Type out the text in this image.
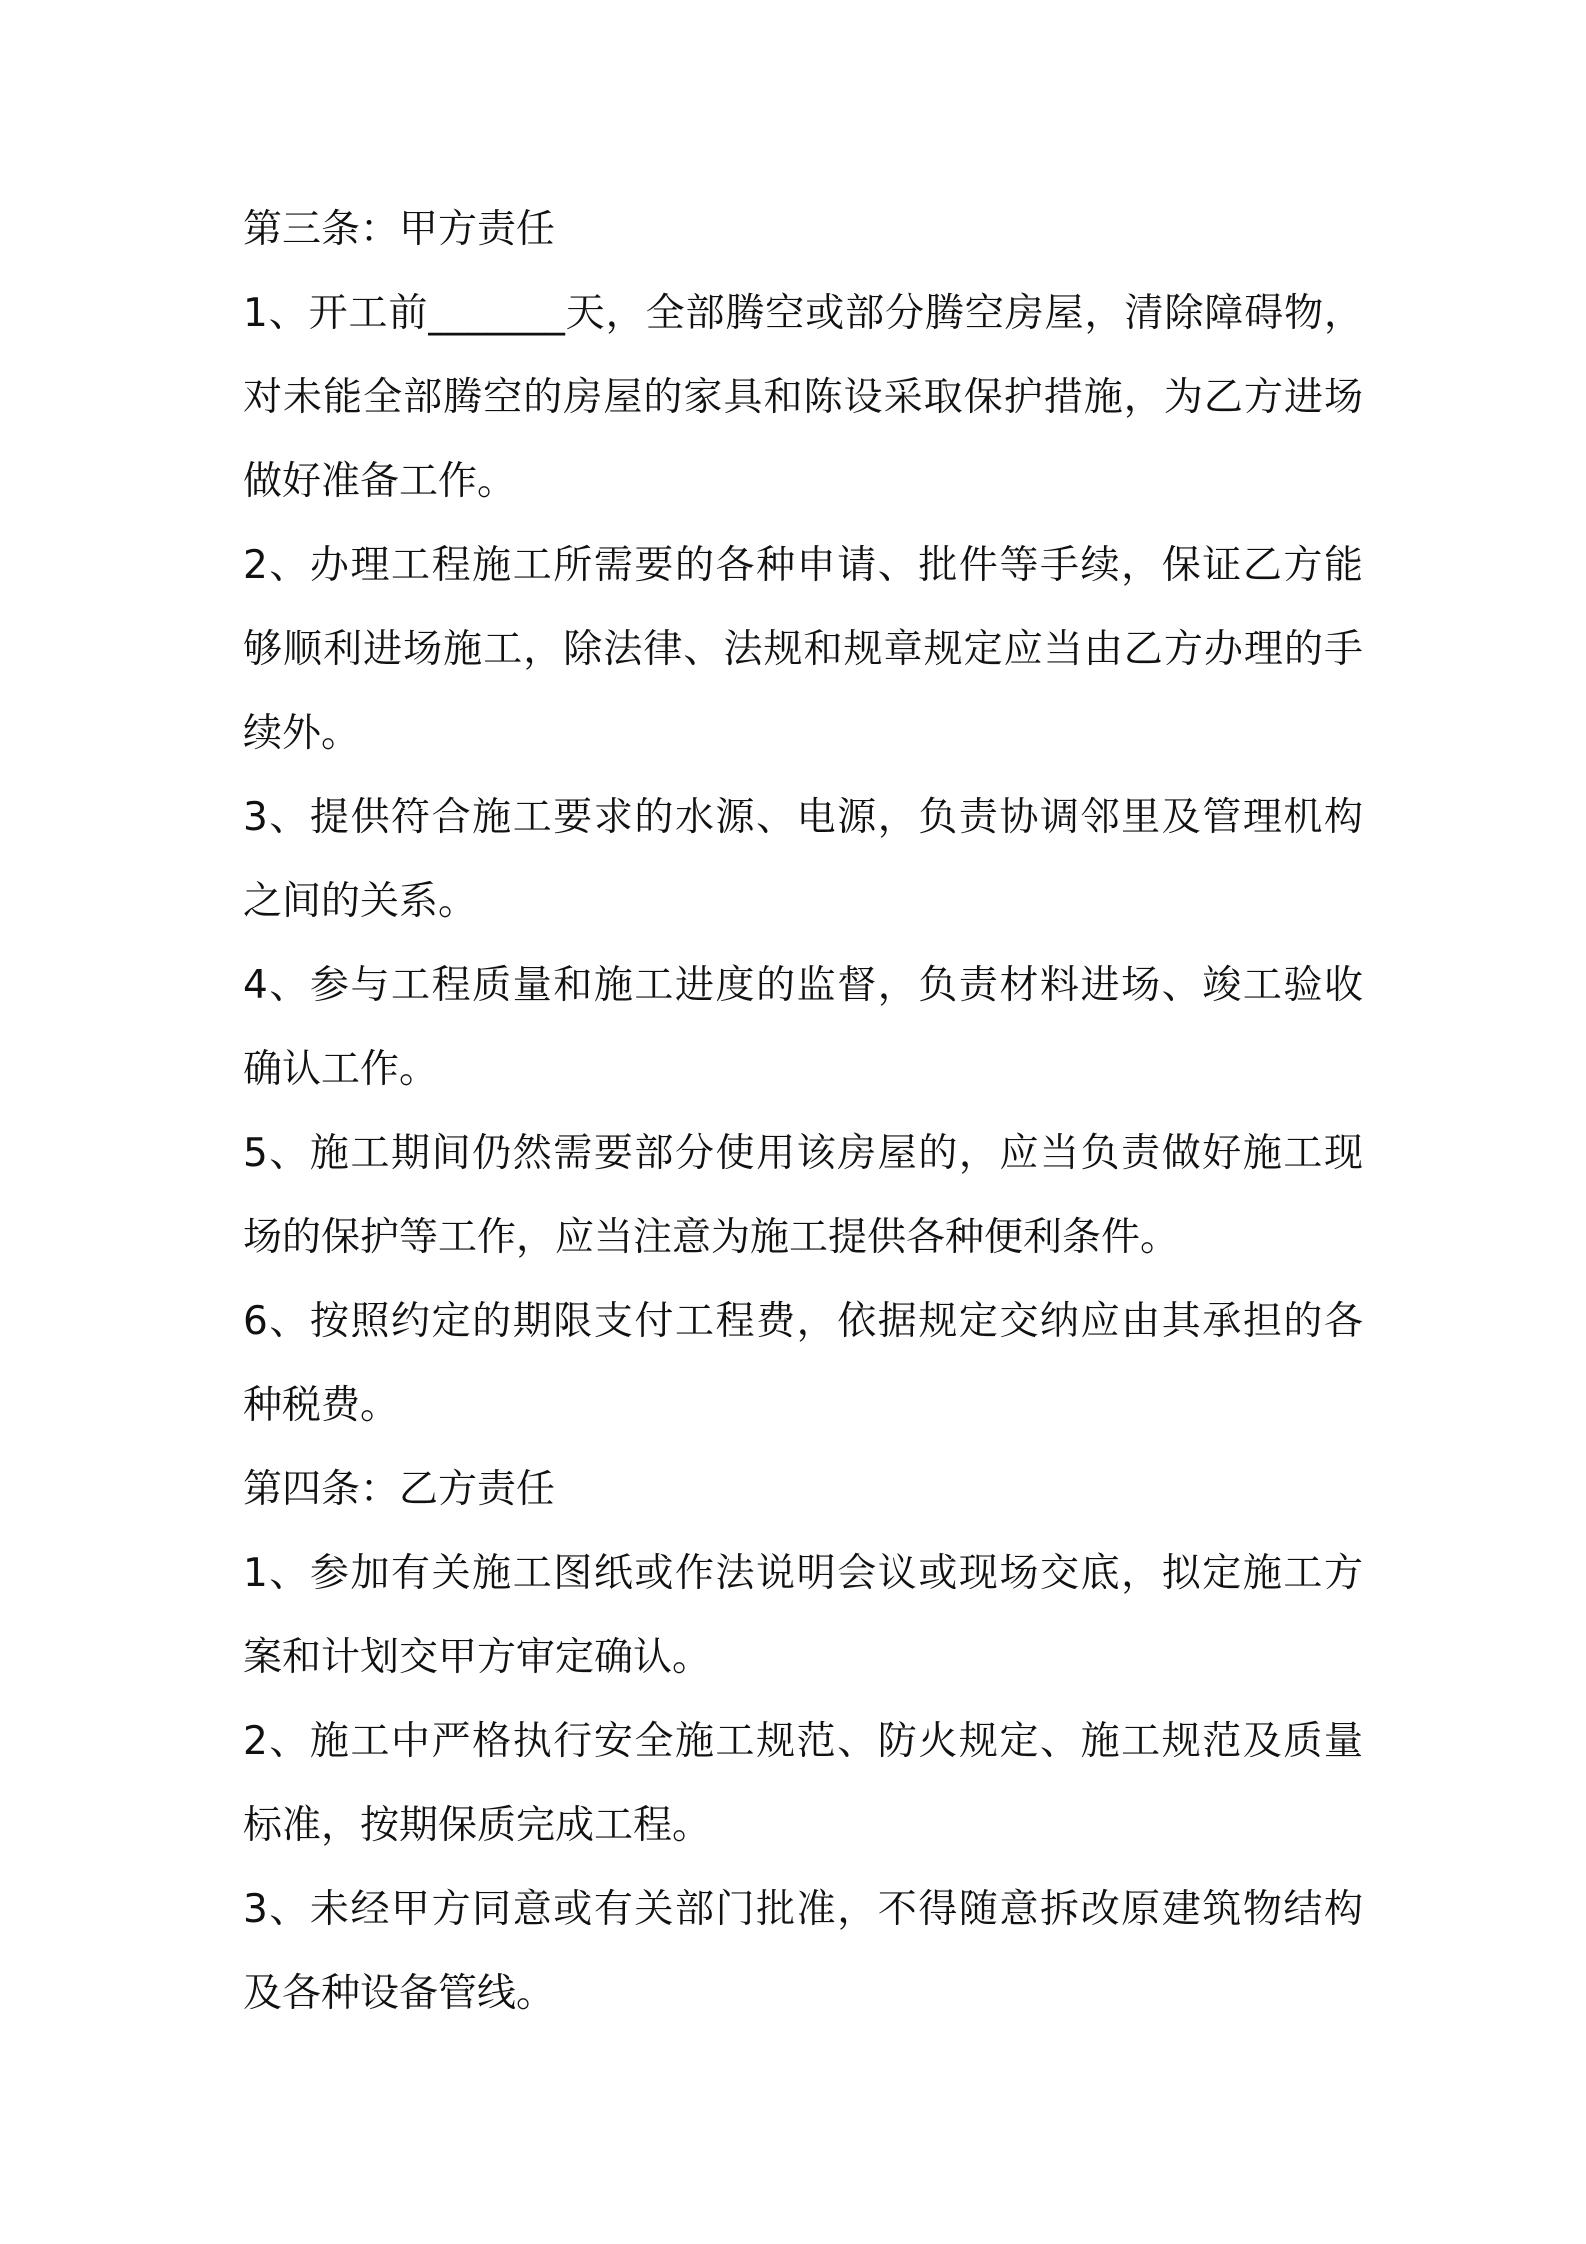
第三条：甲方责任
1、开工前_______天，全部腾空或部分腾空房屋，清除障碍物，
对未能全部腾空的房屋的家具和陈设采取保护措施，为乙方进场
做好准备工作。
2、办理工程施工所需要的各种申请、批件等手续，保证乙方能
够顺利进场施工，除法律、法规和规章规定应当由乙方办理的手
续外。
3、提供符合施工要求的水源、电源，负责协调邻里及管理机构
之间的关系。
4、参与工程质量和施工进度的监督，负责材料进场、竣工验收
确认工作。
5、施工期间仍然需要部分使用该房屋的，应当负责做好施工现
场的保护等工作，应当注意为施工提供各种便利条件。
6、按照约定的期限支付工程费，依据规定交纳应由其承担的各
种税费。
第四条：乙方责任
1、参加有关施工图纸或作法说明会议或现场交底，拟定施工方
案和计划交甲方审定确认。
2、施工中严格执行安全施工规范、防火规定、施工规范及质量
标准，按期保质完成工程。
3、未经甲方同意或有关部门批准，不得随意拆改原建筑物结构
及各种设备管线。
